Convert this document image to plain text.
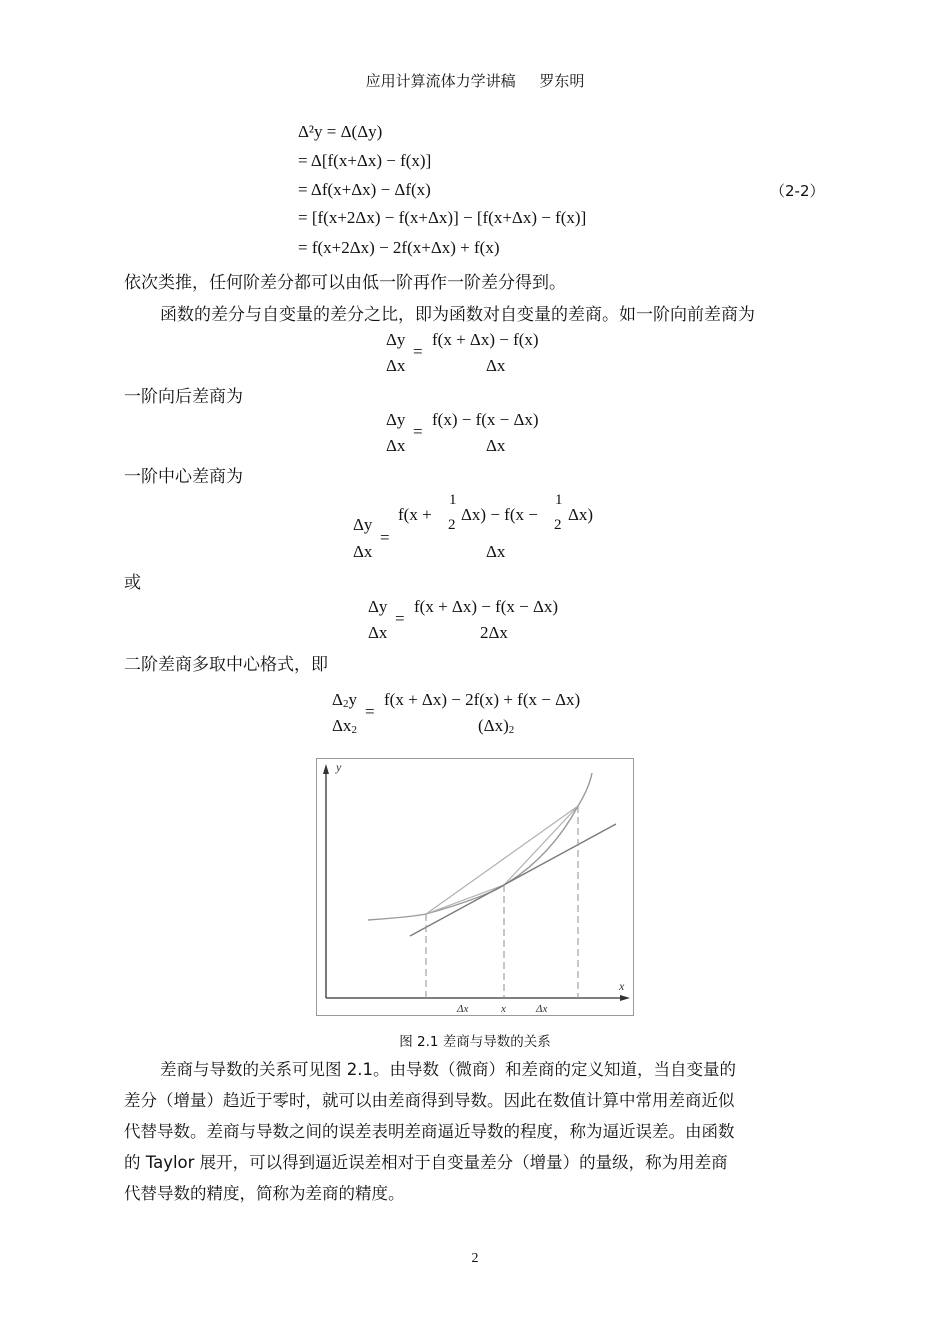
应用计算流体力学讲稿 罗东明
Δ²y = Δ(Δy)
= Δ[f(x+Δx) − f(x)]
= Δf(x+Δx) − Δf(x)
= [f(x+2Δx) − f(x+Δx)] − [f(x+Δx) − f(x)]
= f(x+2Δx) − 2f(x+Δx) + f(x)
（2-2）
依次类推，任何阶差分都可以由低一阶再作一阶差分得到。
函数的差分与自变量的差分之比，即为函数对自变量的差商。如一阶向前差商为
Δy
Δx
=
f(x + Δx) − f(x)
Δx
一阶向后差商为
Δy
Δx
=
f(x) − f(x − Δx)
Δx
一阶中心差商为
Δy
Δx
=
f(x +
1
2
Δx) − f(x −
1
2
Δx)
Δx
或
Δy
Δx
=
f(x + Δx) − f(x − Δx)
2Δx
二阶差商多取中心格式，即
Δ2y
Δx2
=
f(x + Δx) − 2f(x) + f(x − Δx)
(Δx)2
y
x
Δx	x	Δx
图 2.1 差商与导数的关系
差商与导数的关系可见图 2.1。由导数（微商）和差商的定义知道，当自变量的
差分（增量）趋近于零时，就可以由差商得到导数。因此在数值计算中常用差商近似
代替导数。差商与导数之间的误差表明差商逼近导数的程度，称为逼近误差。由函数
的 Taylor 展开，可以得到逼近误差相对于自变量差分（增量）的量级，称为用差商
代替导数的精度，简称为差商的精度。
2
